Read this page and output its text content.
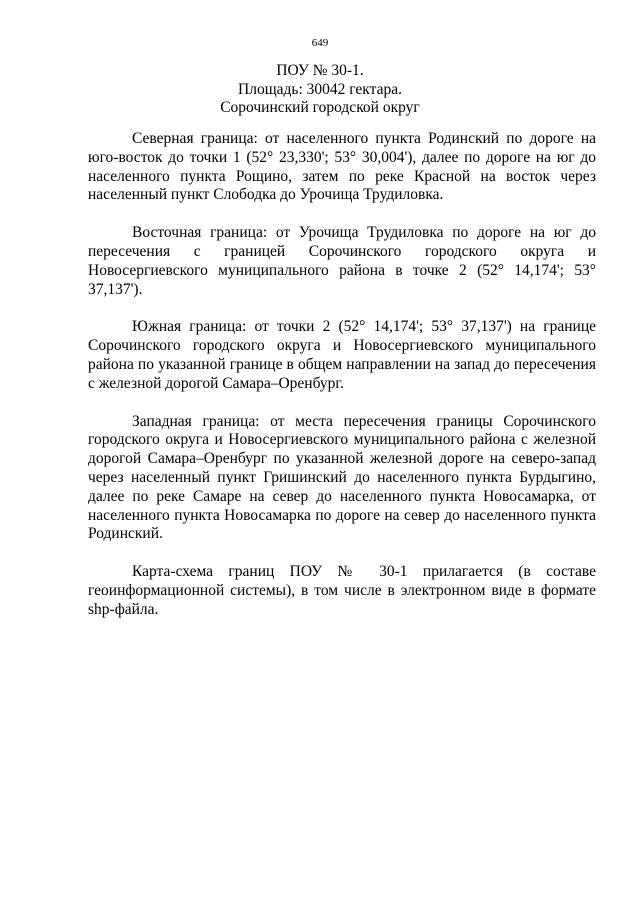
649
ПОУ № 30-1.
Площадь: 30042 гектара.
Сорочинский городской округ

Северная граница: от населенного пункта Родинский по дороге на юго-восток до точки 1 (52° 23,330'; 53° 30,004'), далее по дороге на юг до населенного пункта Рощино, затем по реке Красной на восток через населенный пункт Слободка до Урочища Трудиловка.

Восточная граница: от Урочища Трудиловка по дороге на юг до пересечения с границей Сорочинского городского округа и Новосергиевского муниципального района в точке 2 (52° 14,174'; 53° 37,137').

Южная граница: от точки 2 (52° 14,174'; 53° 37,137') на границе Сорочинского городского округа и Новосергиевского муниципального района по указанной границе в общем направлении на запад до пересечения с железной дорогой Самара–Оренбург.

Западная граница: от места пересечения границы Сорочинского городского округа и Новосергиевского муниципального района с железной дорогой Самара–Оренбург по указанной железной дороге на северо-запад через населенный пункт Гришинский до населенного пункта Бурдыгино, далее по реке Самаре на север до населенного пункта Новосамарка, от населенного пункта Новосамарка по дороге на север до населенного пункта Родинский.

Карта-схема границ ПОУ № 30-1 прилагается (в составе геоинформационной системы), в том числе в электронном виде в формате shp-файла.
